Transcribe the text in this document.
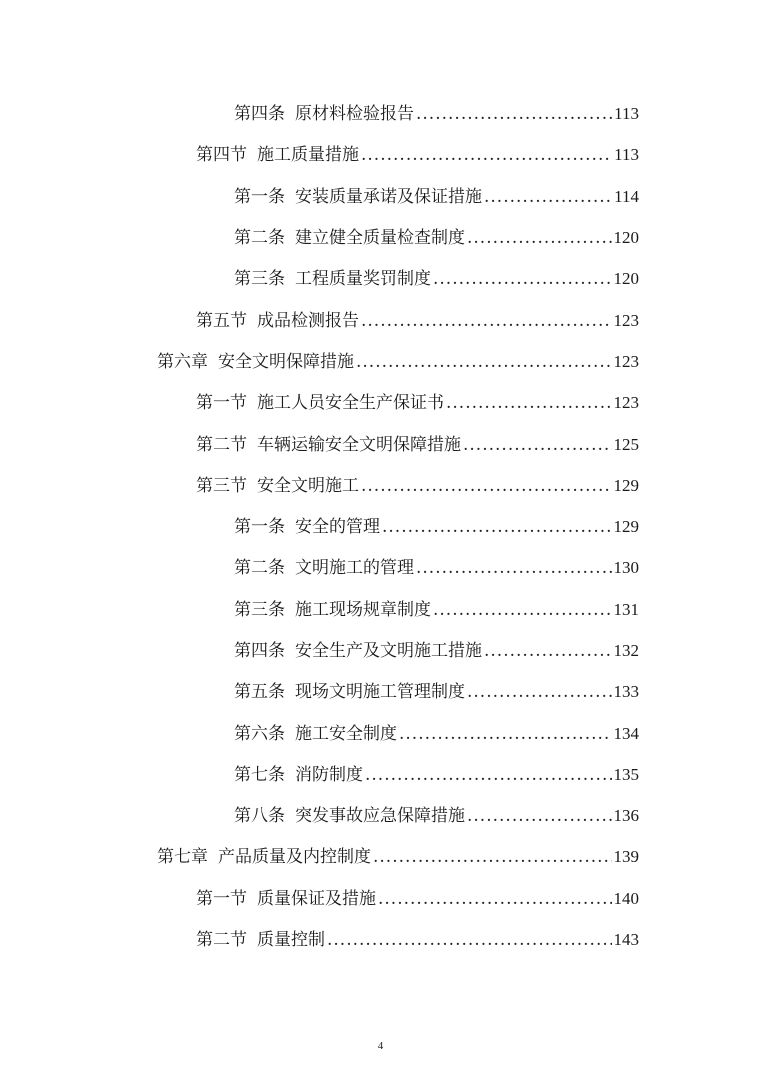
第四条 原材料检验报告 .....	113
第四节 施工质量措施 .....	113
第一条 安装质量承诺及保证措施 .....	114
第二条 建立健全质量检查制度 .....	120
第三条 工程质量奖罚制度 .....	120
第五节 成品检测报告 .....	123
第六章 安全文明保障措施 .....	123
第一节 施工人员安全生产保证书 .....	123
第二节 车辆运输安全文明保障措施 .....	125
第三节 安全文明施工 .....	129
第一条 安全的管理 .....	129
第二条 文明施工的管理 .....	130
第三条 施工现场规章制度 .....	131
第四条 安全生产及文明施工措施 .....	132
第五条 现场文明施工管理制度 .....	133
第六条 施工安全制度 .....	134
第七条 消防制度 .....	135
第八条 突发事故应急保障措施 .....	136
第七章 产品质量及内控制度 .....	139
第一节 质量保证及措施 .....	140
第二节 质量控制 .....	143
4
